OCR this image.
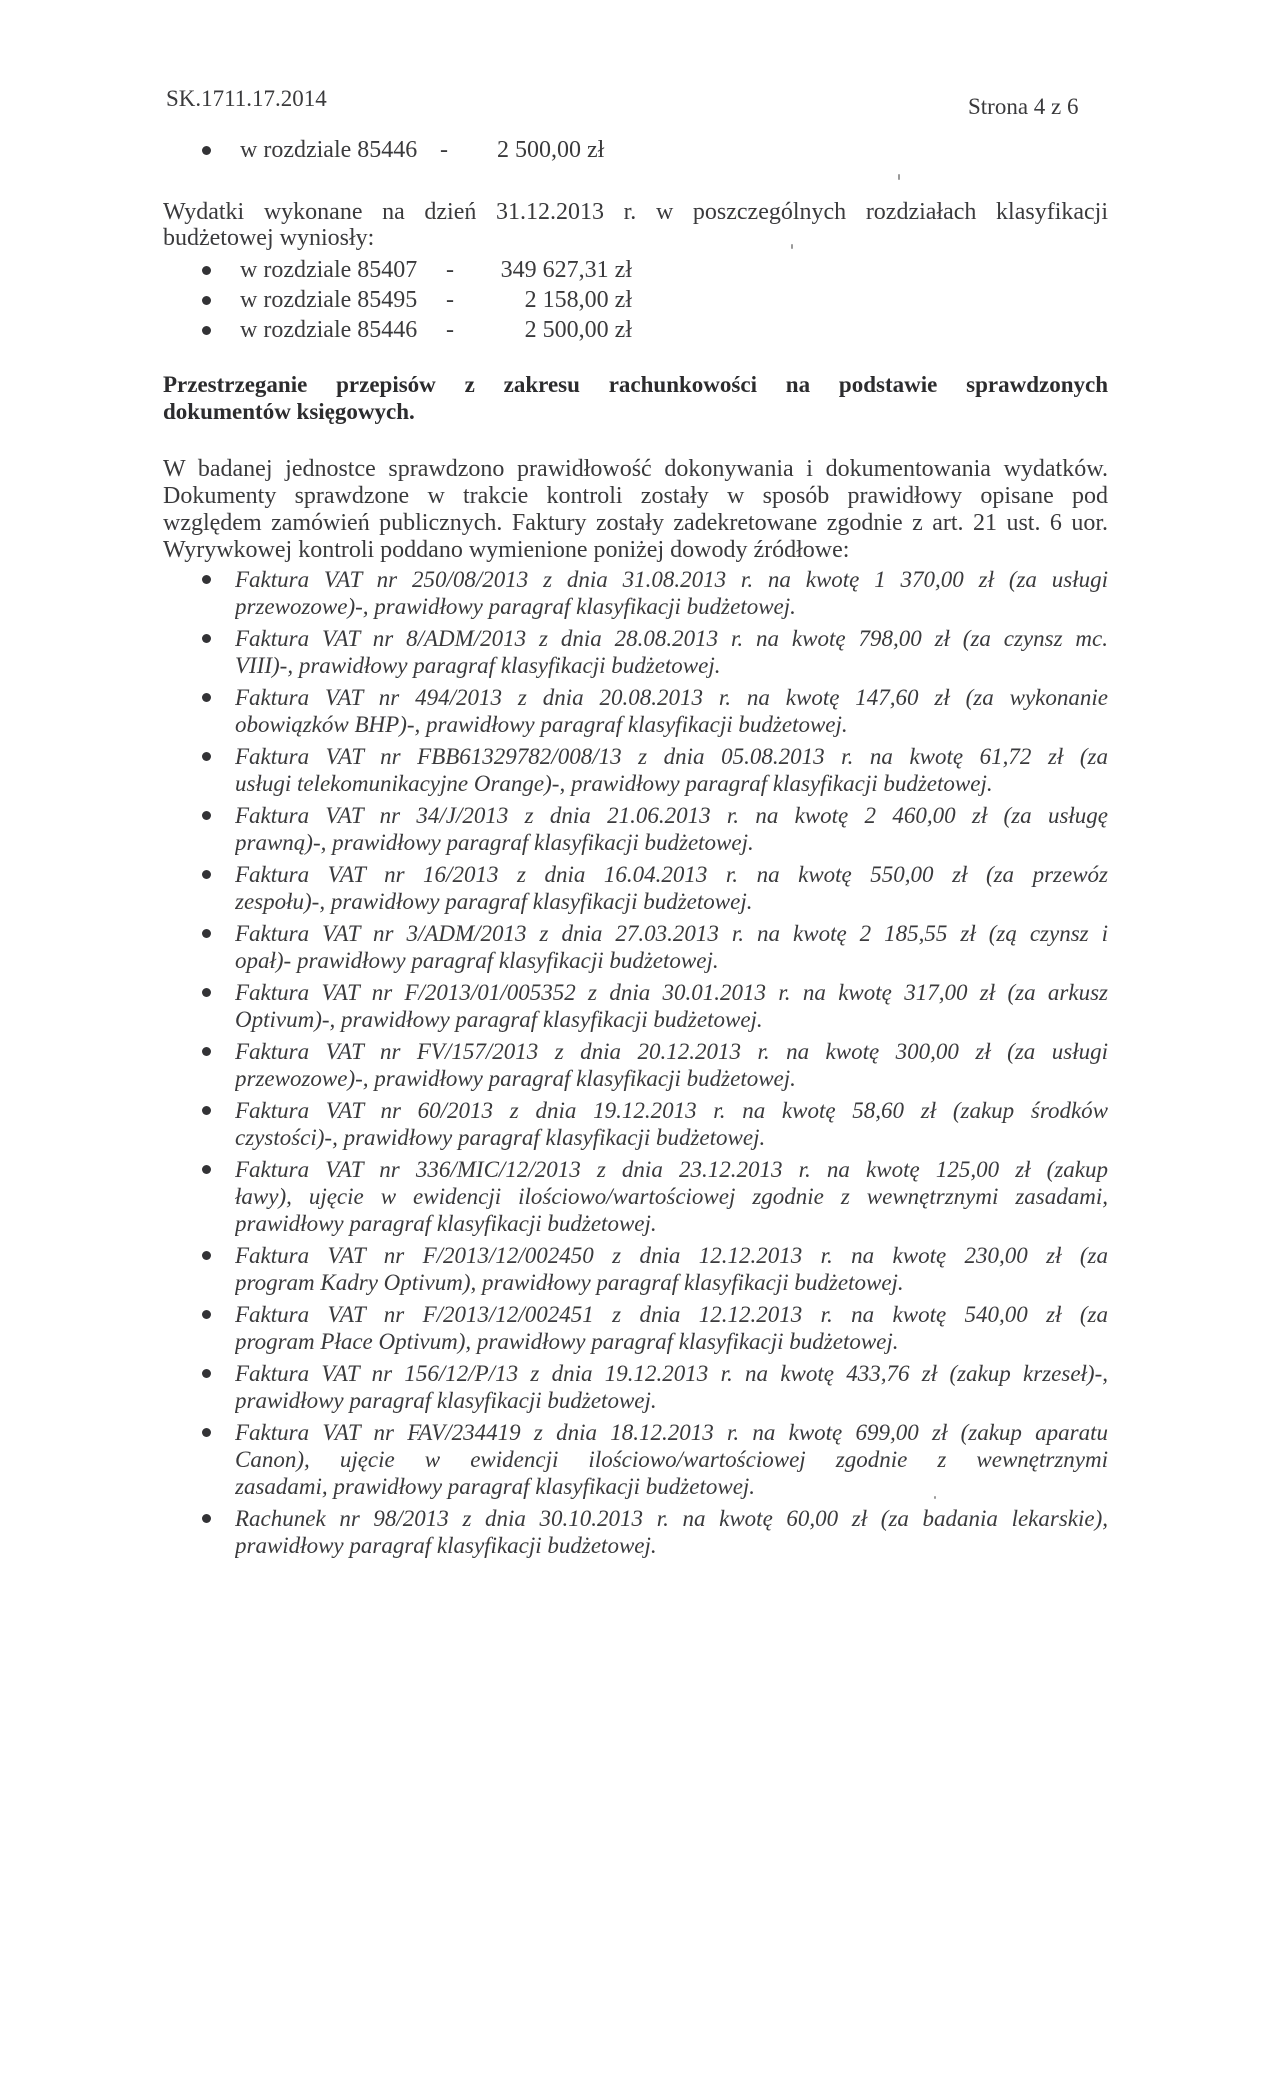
SK.1711.17.2014	Strona 4 z 6
w rozdziale 85446 - 2 500,00 zł
Wydatki wykonane na dzień 31.12.2013 r. w poszczególnych rozdziałach klasyfikacji
budżetowej wyniosły:
w rozdziale 85407 - 349 627,31 zł
w rozdziale 85495 -	2 158,00 zł
w rozdziale 85446 -	2 500,00 zł
Przestrzeganie przepisów z zakresu rachunkowości na podstawie sprawdzonych
dokumentów księgowych.
W badanej jednostce sprawdzono prawidłowość dokonywania i dokumentowania wydatków.
Dokumenty sprawdzone w trakcie kontroli zostały w sposób prawidłowy opisane pod
względem zamówień publicznych. Faktury zostały zadekretowane zgodnie z art. 21 ust. 6 uor.
Wyrywkowej kontroli poddano wymienione poniżej dowody źródłowe:
Faktura VAT nr 250/08/2013 z dnia 31.08.2013 r. na kwotę 1 370,00 zł (za usługi
przewozowe)-, prawidłowy paragraf klasyfikacji budżetowej.
Faktura VAT nr 8/ADM/2013 z dnia 28.08.2013 r. na kwotę 798,00 zł (za czynsz mc.
VIII)-, prawidłowy paragraf klasyfikacji budżetowej.
Faktura VAT nr 494/2013 z dnia 20.08.2013 r. na kwotę 147,60 zł (za wykonanie
obowiązków BHP)-, prawidłowy paragraf klasyfikacji budżetowej.
Faktura VAT nr FBB61329782/008/13 z dnia 05.08.2013 r. na kwotę 61,72 zł (za
usługi telekomunikacyjne Orange)-, prawidłowy paragraf klasyfikacji budżetowej.
Faktura VAT nr 34/J/2013 z dnia 21.06.2013 r. na kwotę 2 460,00 zł (za usługę
prawną)-, prawidłowy paragraf klasyfikacji budżetowej.
Faktura VAT nr 16/2013 z dnia 16.04.2013 r. na kwotę 550,00 zł (za przewóz
zespołu)-, prawidłowy paragraf klasyfikacji budżetowej.
Faktura VAT nr 3/ADM/2013 z dnia 27.03.2013 r. na kwotę 2 185,55 zł (zą czynsz i
opał)- prawidłowy paragraf klasyfikacji budżetowej.
Faktura VAT nr F/2013/01/005352 z dnia 30.01.2013 r. na kwotę 317,00 zł (za arkusz
Optivum)-, prawidłowy paragraf klasyfikacji budżetowej.
Faktura VAT nr FV/157/2013 z dnia 20.12.2013 r. na kwotę 300,00 zł (za usługi
przewozowe)-, prawidłowy paragraf klasyfikacji budżetowej.
Faktura VAT nr 60/2013 z dnia 19.12.2013 r. na kwotę 58,60 zł (zakup środków
czystości)-, prawidłowy paragraf klasyfikacji budżetowej.
Faktura VAT nr 336/MIC/12/2013 z dnia 23.12.2013 r. na kwotę 125,00 zł (zakup
ławy), ujęcie w ewidencji ilościowo/wartościowej zgodnie z wewnętrznymi zasadami,
prawidłowy paragraf klasyfikacji budżetowej.
Faktura VAT nr F/2013/12/002450 z dnia 12.12.2013 r. na kwotę 230,00 zł (za
program Kadry Optivum), prawidłowy paragraf klasyfikacji budżetowej.
Faktura VAT nr F/2013/12/002451 z dnia 12.12.2013 r. na kwotę 540,00 zł (za
program Płace Optivum), prawidłowy paragraf klasyfikacji budżetowej.
Faktura VAT nr 156/12/P/13 z dnia 19.12.2013 r. na kwotę 433,76 zł (zakup krzeseł)-,
prawidłowy paragraf klasyfikacji budżetowej.
Faktura VAT nr FAV/234419 z dnia 18.12.2013 r. na kwotę 699,00 zł (zakup aparatu
Canon), ujęcie w ewidencji ilościowo/wartościowej zgodnie z wewnętrznymi
zasadami, prawidłowy paragraf klasyfikacji budżetowej.
Rachunek nr 98/2013 z dnia 30.10.2013 r. na kwotę 60,00 zł (za badania lekarskie),
prawidłowy paragraf klasyfikacji budżetowej.
